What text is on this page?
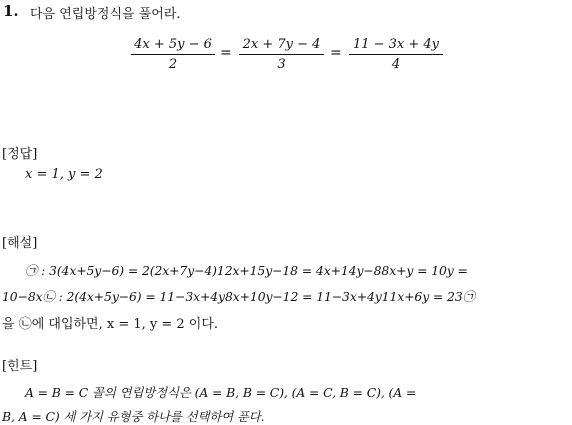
1. 다음 연립방정식을 풀어라.
4x + 5y − 6
2
=
2x + 7y − 4
3
=
11 − 3x + 4y
4
[정답]
x = 1, y = 2
[해설]
㉠ : 3(4x+5y−6) = 2(2x+7y−4)12x+15y−18 = 4x+14y−88x+y = 10y =
10−8x㉡ : 2(4x+5y−6) = 11−3x+4y8x+10y−12 = 11−3x+4y11x+6y = 23㉠
을 ㉡에 대입하면, x = 1, y = 2 이다.
[힌트]
A = B = C 꼴의 연립방정식은 (A = B, B = C), (A = C, B = C), (A =
B, A = C) 세 가지 유형중 하나를 선택하여 푼다.
